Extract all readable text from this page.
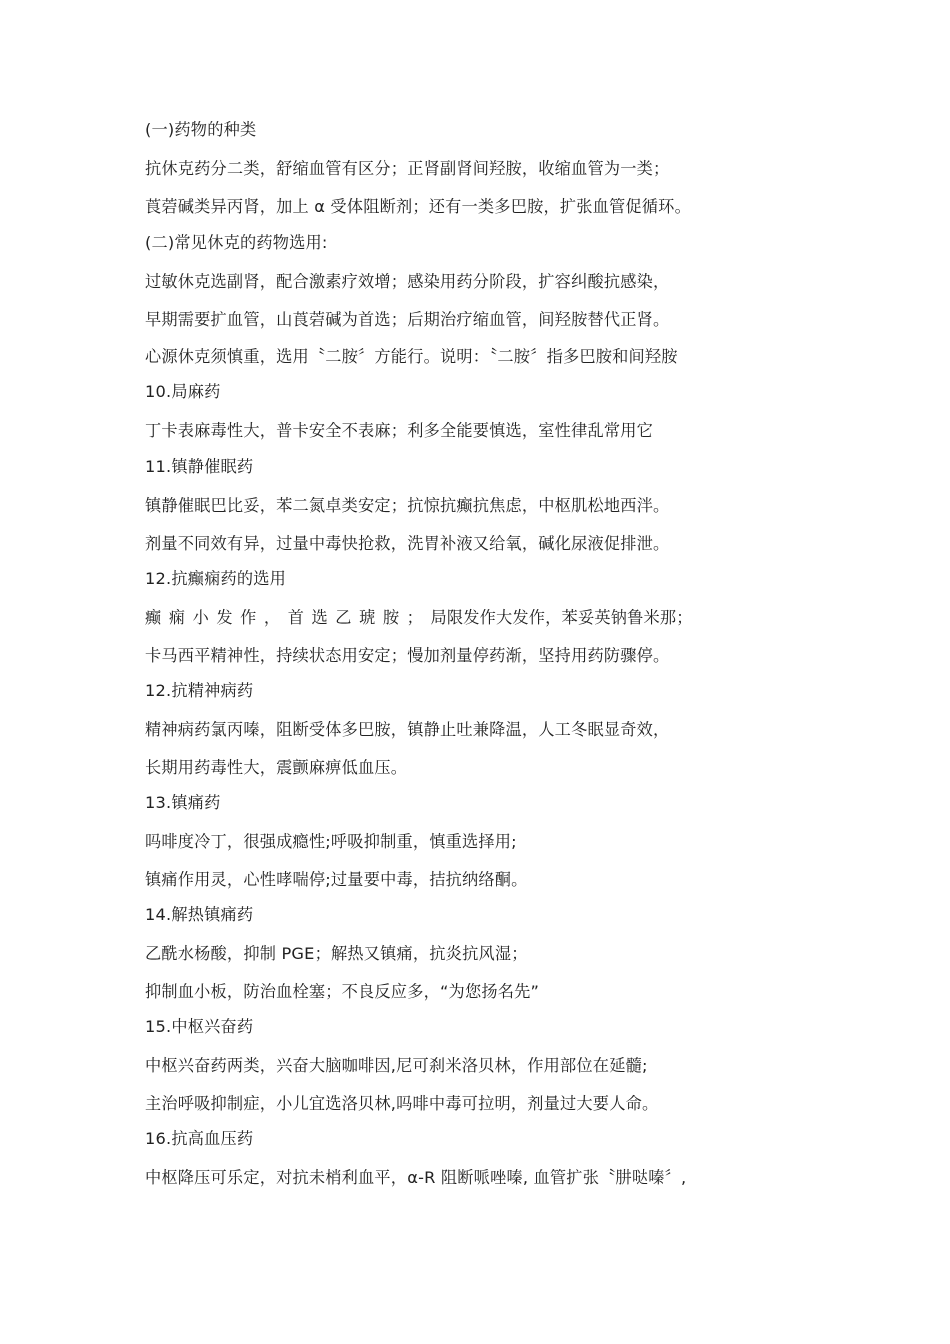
(一)药物的种类
抗休克药分二类，舒缩血管有区分；正肾副肾间羟胺，收缩血管为一类；
莨菪碱类异丙肾，加上 α 受体阻断剂；还有一类多巴胺，扩张血管促循环。
(二)常见休克的药物选用:
过敏休克选副肾，配合激素疗效增；感染用药分阶段，扩容纠酸抗感染，
早期需要扩血管，山莨菪碱为首选；后期治疗缩血管，间羟胺替代正肾。
心源休克须慎重，选用〝二胺〞方能行。说明：〝二胺〞指多巴胺和间羟胺
10.局麻药
丁卡表麻毒性大，普卡安全不表麻；利多全能要慎选，室性律乱常用它
11.镇静催眠药
镇静催眠巴比妥，苯二氮卓类安定；抗惊抗癫抗焦虑，中枢肌松地西泮。
剂量不同效有异，过量中毒快抢救，洗胃补液又给氧，碱化尿液促排泄。
12.抗癫痫药的选用
癫痫小发作，首选乙琥胺；局限发作大发作，苯妥英钠鲁米那；
卡马西平精神性，持续状态用安定；慢加剂量停药渐，坚持用药防骤停。
12.抗精神病药
精神病药氯丙嗪，阻断受体多巴胺，镇静止吐兼降温，人工冬眠显奇效，
长期用药毒性大，震颤麻痹低血压。
13.镇痛药
吗啡度冷丁，很强成瘾性;呼吸抑制重，慎重选择用;
镇痛作用灵，心性哮喘停;过量要中毒，拮抗纳络酮。
14.解热镇痛药
乙酰水杨酸，抑制 PGE；解热又镇痛，抗炎抗风湿；
抑制血小板，防治血栓塞；不良反应多，“为您扬名先”
15.中枢兴奋药
中枢兴奋药两类，兴奋大脑咖啡因,尼可刹米洛贝林，作用部位在延髓;
主治呼吸抑制症，小儿宜选洛贝林,吗啡中毒可拉明，剂量过大要人命。
16.抗高血压药
中枢降压可乐定，对抗未梢利血平，α-R 阻断哌唑嗪, 血管扩张〝肼哒嗪〞,
